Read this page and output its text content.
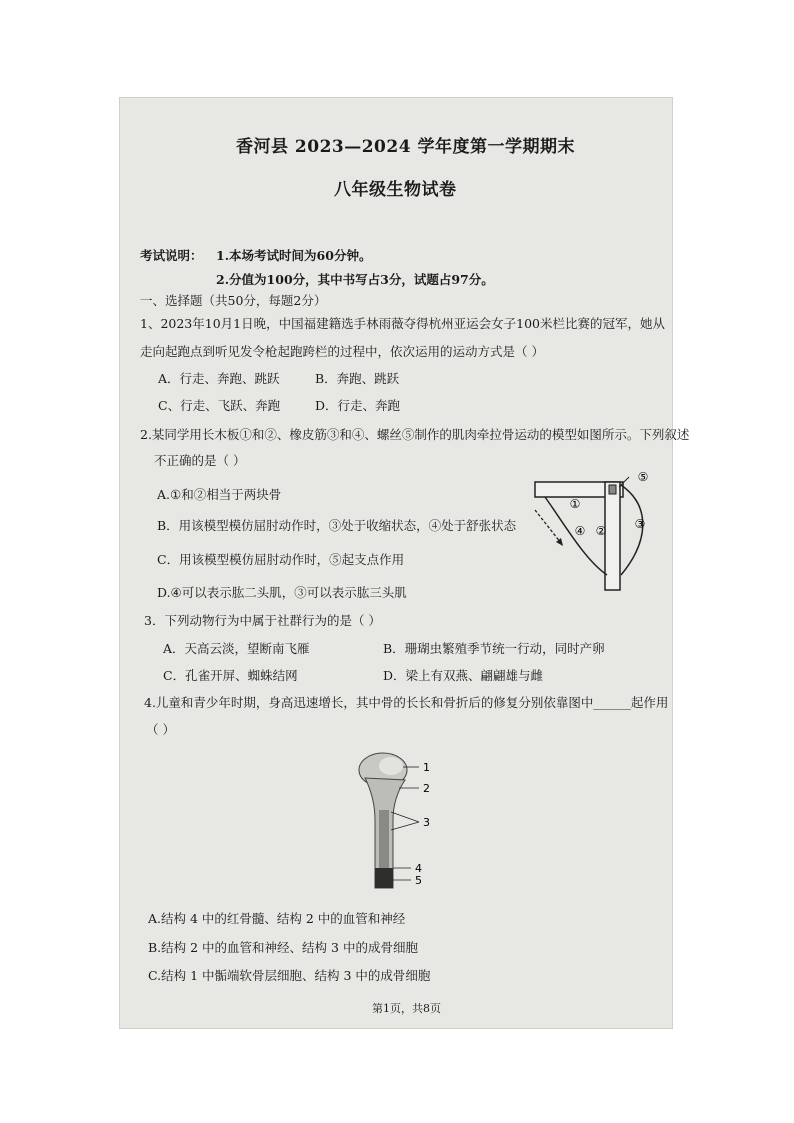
香河县 2023—2024 学年度第一学期期末
八年级生物试卷
考试说明： 1.本场考试时间为60分钟。
2.分值为100分，其中书写占3分，试题占97分。
一、选择题（共50分，每题2分）
1、2023年10月1日晚，中国福建籍选手林雨薇夺得杭州亚运会女子100米栏比赛的冠军，她从
走向起跑点到听见发令枪起跑跨栏的过程中，依次运用的运动方式是（ ）
A．行走、奔跑、跳跃	B．奔跑、跳跃
C、行走、飞跃、奔跑	D．行走、奔跑
2.某同学用长木板①和②、橡皮筋③和④、螺丝⑤制作的肌肉牵拉骨运动的模型如图所示。下列叙述
不正确的是（ ）
A.①和②相当于两块骨
B．用该模型模仿屈肘动作时，③处于收缩状态，④处于舒张状态
C．用该模型模仿屈肘动作时，⑤起支点作用
D.④可以表示肱二头肌，③可以表示肱三头肌
①
② ③
④
⑤
3．下列动物行为中属于社群行为的是（ ）
A．天高云淡，望断南飞雁	B．珊瑚虫繁殖季节统一行动，同时产卵
C．孔雀开屏、蜘蛛结网	D．梁上有双燕、翩翩雄与雌
4.儿童和青少年时期，身高迅速增长，其中骨的长长和骨折后的修复分别依靠图中______起作用
（ ）
1
2
3
4
5
A.结构 4 中的红骨髓、结构 2 中的血管和神经
B.结构 2 中的血管和神经、结构 3 中的成骨细胞
C.结构 1 中骺端软骨层细胞、结构 3 中的成骨细胞
第1页，共8页
